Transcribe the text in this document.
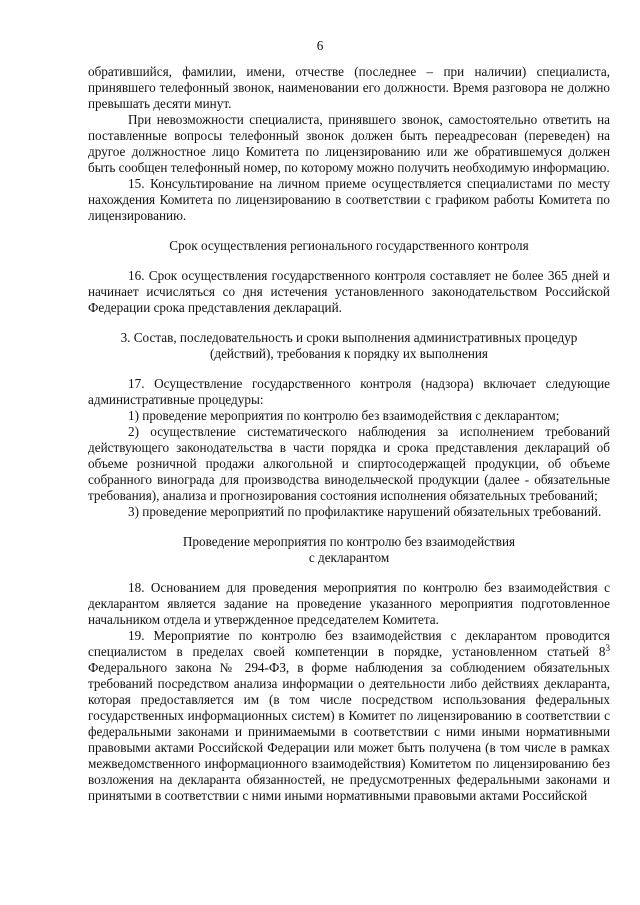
6

обратившийся, фамилии, имени, отчестве (последнее – при наличии) специалиста, принявшего телефонный звонок, наименовании его должности. Время разговора не должно превышать десяти минут.

При невозможности специалиста, принявшего звонок, самостоятельно ответить на поставленные вопросы телефонный звонок должен быть переадресован (переведен) на другое должностное лицо Комитета по лицензированию или же обратившемуся должен быть сообщен телефонный номер, по которому можно получить необходимую информацию.

15. Консультирование на личном приеме осуществляется специалистами по месту нахождения Комитета по лицензированию в соответствии с графиком работы Комитета по лицензированию.

Срок осуществления регионального государственного контроля

16. Срок осуществления государственного контроля составляет не более 365 дней и начинает исчисляться со дня истечения установленного законодательством Российской Федерации срока представления деклараций.

3. Состав, последовательность и сроки выполнения административных процедур
(действий), требования к порядку их выполнения

17. Осуществление государственного контроля (надзора) включает следующие административные процедуры:

1) проведение мероприятия по контролю без взаимодействия с декларантом;

2) осуществление систематического наблюдения за исполнением требований действующего законодательства в части порядка и срока представления деклараций об объеме розничной продажи алкогольной и спиртосодержащей продукции, об объеме собранного винограда для производства винодельческой продукции (далее - обязательные требования), анализа и прогнозирования состояния исполнения обязательных требований;

3) проведение мероприятий по профилактике нарушений обязательных требований.

Проведение мероприятия по контролю без взаимодействия
с декларантом

18. Основанием для проведения мероприятия по контролю без взаимодействия с декларантом является задание на проведение указанного мероприятия подготовленное начальником отдела и утвержденное председателем Комитета.

19. Мероприятие по контролю без взаимодействия с декларантом проводится специалистом в пределах своей компетенции в порядке, установленном статьей $8^3$ Федерального закона № 294-ФЗ, в форме наблюдения за соблюдением обязательных требований посредством анализа информации о деятельности либо действиях декларанта, которая предоставляется им (в том числе посредством использования федеральных государственных информационных систем) в Комитет по лицензированию в соответствии с федеральными законами и принимаемыми в соответствии с ними иными нормативными правовыми актами Российской Федерации или может быть получена (в том числе в рамках межведомственного информационного взаимодействия) Комитетом по лицензированию без возложения на декларанта обязанностей, не предусмотренных федеральными законами и принятыми в соответствии с ними иными нормативными правовыми актами Российской
